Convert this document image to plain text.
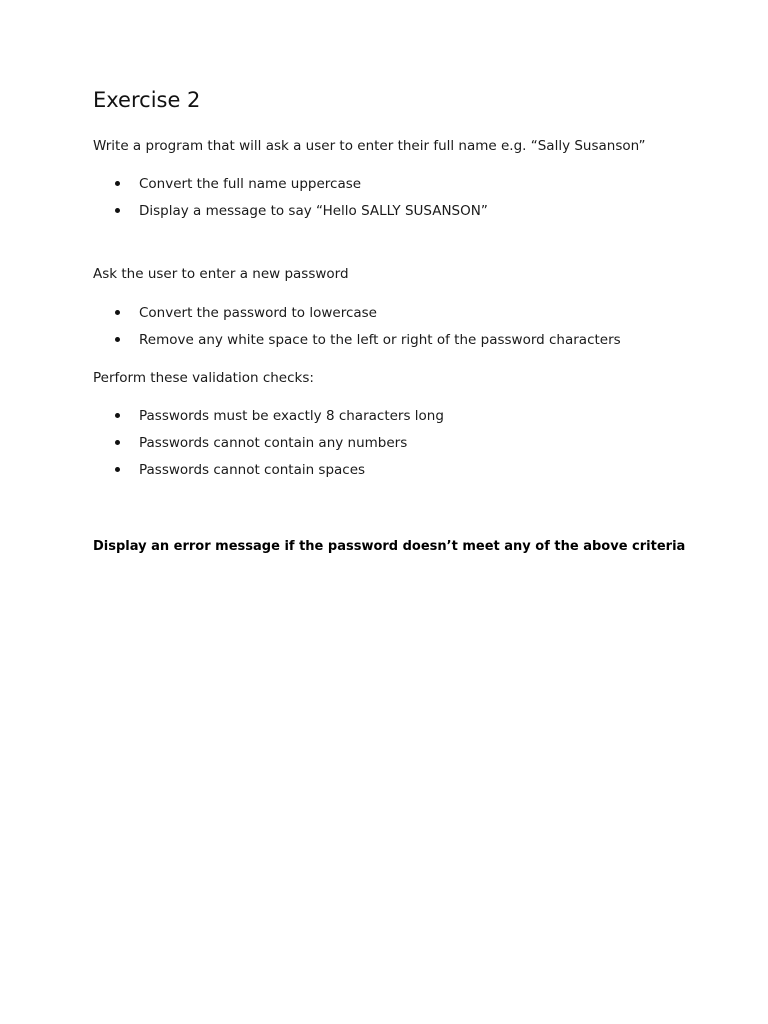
Exercise 2

Write a program that will ask a user to enter their full name e.g. “Sally Susanson”

Convert the full name uppercase
Display a message to say “Hello SALLY SUSANSON”

Ask the user to enter a new password

Convert the password to lowercase
Remove any white space to the left or right of the password characters

Perform these validation checks:

Passwords must be exactly 8 characters long
Passwords cannot contain any numbers
Passwords cannot contain spaces

Display an error message if the password doesn’t meet any of the above criteria
